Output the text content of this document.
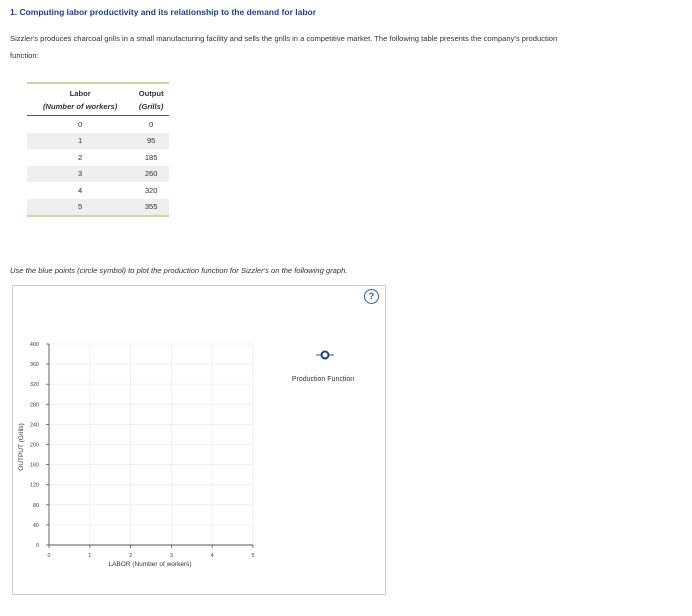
1. Computing labor productivity and its relationship to the demand for labor
Sizzler's produces charcoal grills in a small manufacturing facility and sells the grills in a competitive market. The following table presents the company's production function:
Labor	Output
(Number of workers)	(Grills)
0	0
1	95
2	185
3	260
4	320
5	355
Use the blue points (circle symbol) to plot the production function for Sizzler's on the following graph.
?
0
40
80
120
160
200
240
280
320
360
400
0	1	2	3	4	5
LABOR (Number of workers)
OUTPUT (Grills)
Production Function
